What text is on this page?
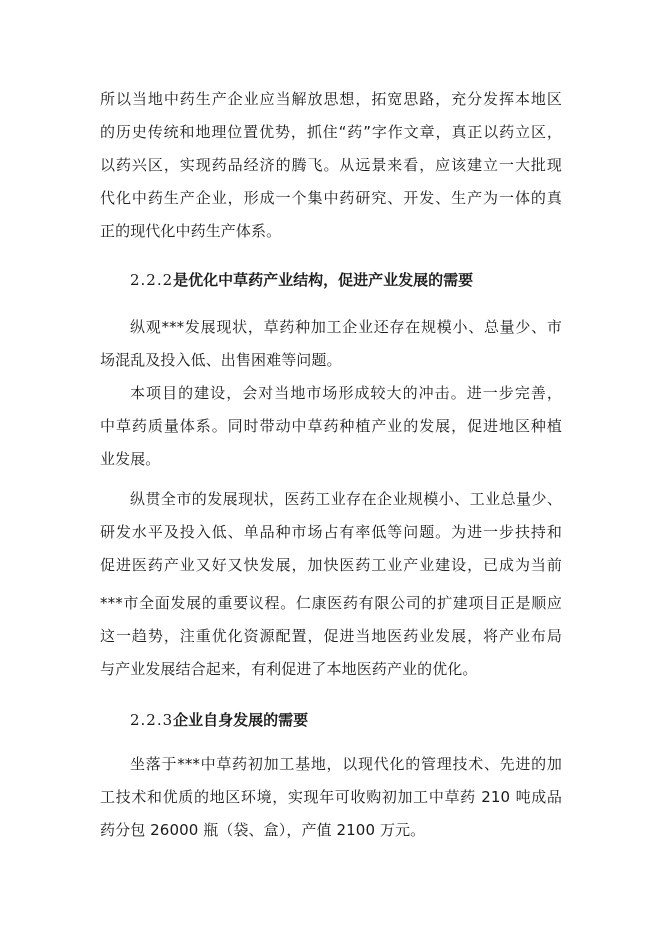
所以当地中药生产企业应当解放思想，拓宽思路，充分发挥本地区
的历史传统和地理位置优势，抓住“药”字作文章，真正以药立区，
以药兴区，实现药品经济的腾飞。从远景来看，应该建立一大批现
代化中药生产企业，形成一个集中药研究、开发、生产为一体的真
正的现代化中药生产体系。
2.2.2是优化中草药产业结构，促进产业发展的需要
纵观***发展现状，草药种加工企业还存在规模小、总量少、市
场混乱及投入低、出售困难等问题。
本项目的建设，会对当地市场形成较大的冲击。进一步完善，
中草药质量体系。同时带动中草药种植产业的发展，促进地区种植
业发展。
纵贯全市的发展现状，医药工业存在企业规模小、工业总量少、
研发水平及投入低、单品种市场占有率低等问题。为进一步扶持和
促进医药产业又好又快发展，加快医药工业产业建设，已成为当前
***市全面发展的重要议程。仁康医药有限公司的扩建项目正是顺应
这一趋势，注重优化资源配置，促进当地医药业发展，将产业布局
与产业发展结合起来，有利促进了本地医药产业的优化。
2.2.3企业自身发展的需要
坐落于***中草药初加工基地，以现代化的管理技术、先进的加
工技术和优质的地区环境，实现年可收购初加工中草药 210 吨成品
药分包 26000 瓶（袋、盒），产值 2100 万元。
